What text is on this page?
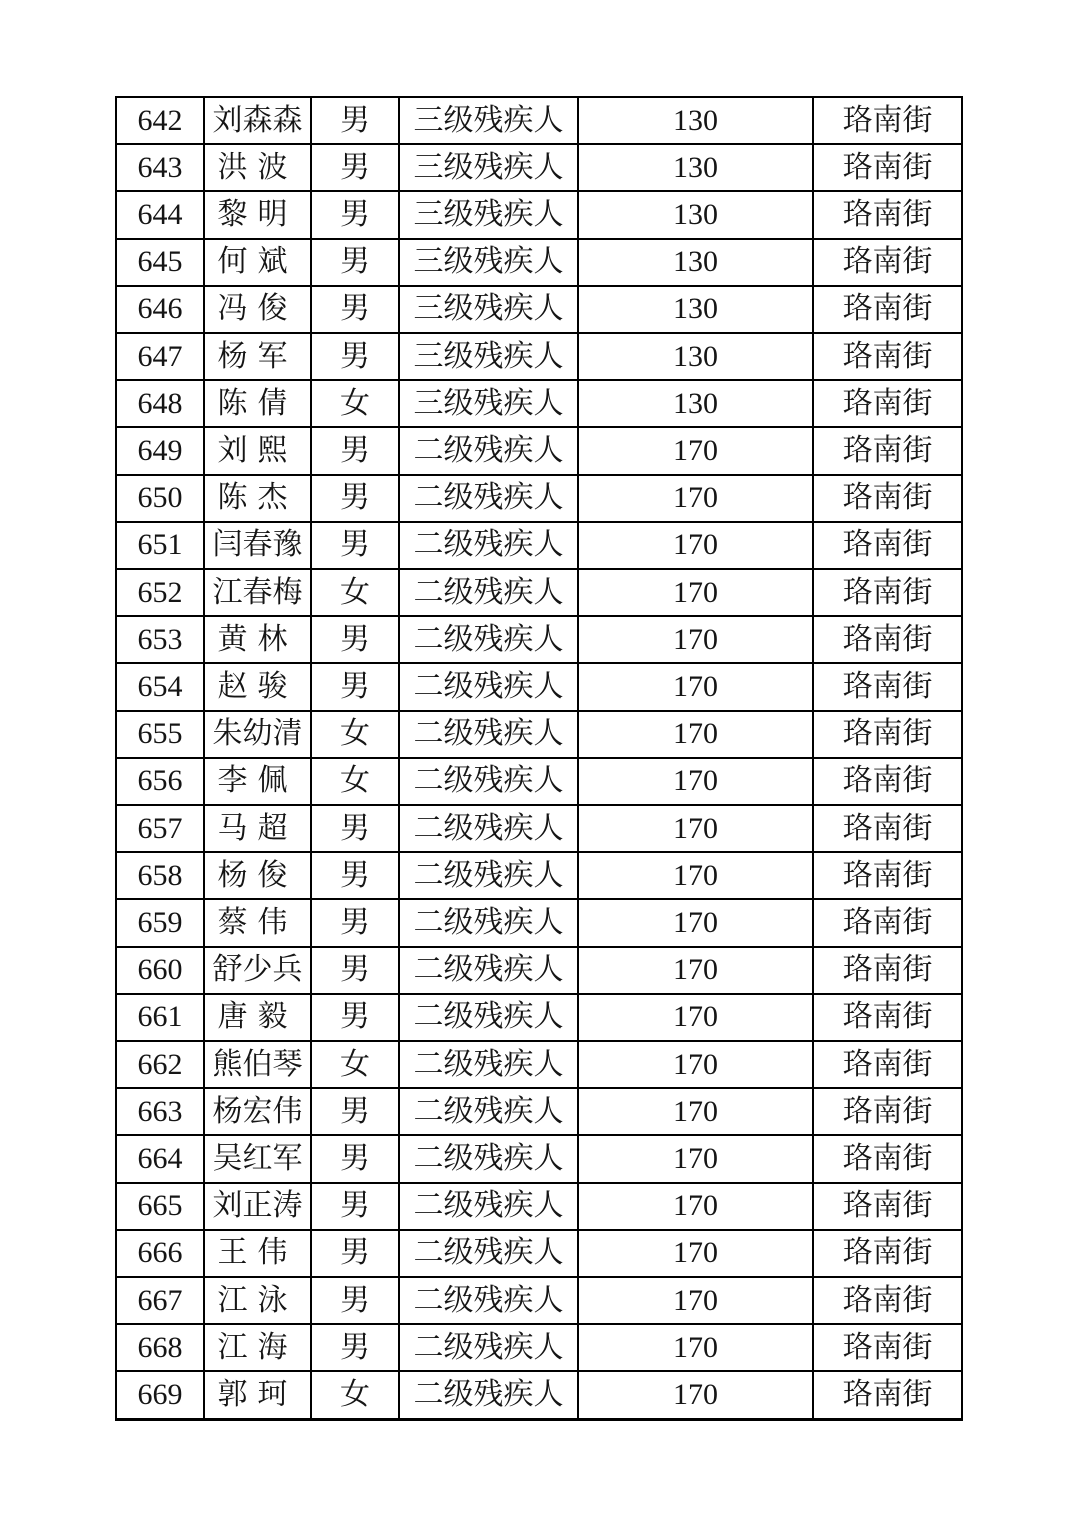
642	刘森森	男	三级残疾人	130	珞南街
643	洪波	男	三级残疾人	130	珞南街
644	黎明	男	三级残疾人	130	珞南街
645	何斌	男	三级残疾人	130	珞南街
646	冯俊	男	三级残疾人	130	珞南街
647	杨军	男	三级残疾人	130	珞南街
648	陈倩	女	三级残疾人	130	珞南街
649	刘熙	男	二级残疾人	170	珞南街
650	陈杰	男	二级残疾人	170	珞南街
651	闫春豫	男	二级残疾人	170	珞南街
652	江春梅	女	二级残疾人	170	珞南街
653	黄林	男	二级残疾人	170	珞南街
654	赵骏	男	二级残疾人	170	珞南街
655	朱幼清	女	二级残疾人	170	珞南街
656	李佩	女	二级残疾人	170	珞南街
657	马超	男	二级残疾人	170	珞南街
658	杨俊	男	二级残疾人	170	珞南街
659	蔡伟	男	二级残疾人	170	珞南街
660	舒少兵	男	二级残疾人	170	珞南街
661	唐毅	男	二级残疾人	170	珞南街
662	熊伯琴	女	二级残疾人	170	珞南街
663	杨宏伟	男	二级残疾人	170	珞南街
664	吴红军	男	二级残疾人	170	珞南街
665	刘正涛	男	二级残疾人	170	珞南街
666	王伟	男	二级残疾人	170	珞南街
667	江泳	男	二级残疾人	170	珞南街
668	江海	男	二级残疾人	170	珞南街
669	郭珂	女	二级残疾人	170	珞南街
